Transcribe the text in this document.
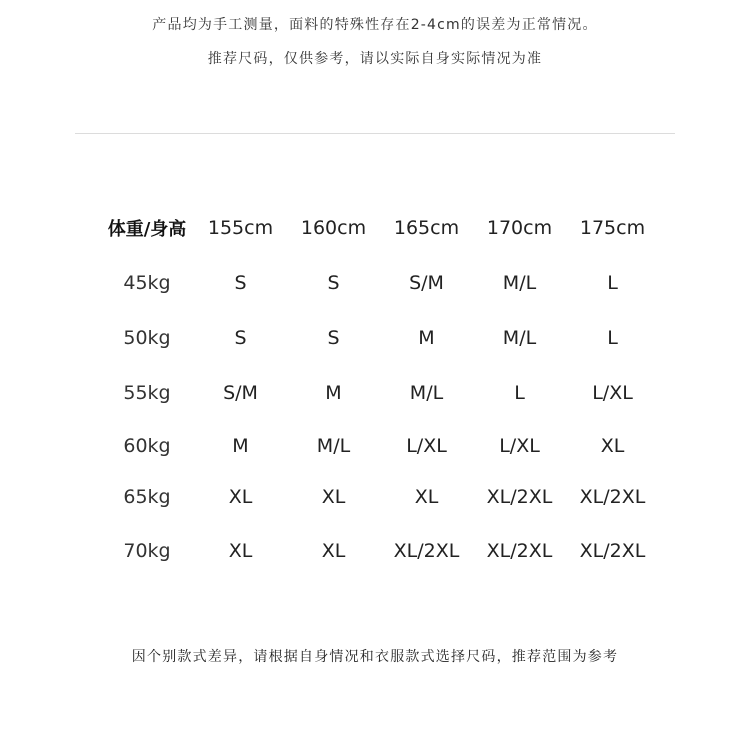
产品均为手工测量，面料的特殊性存在2-4cm的误差为正常情况。
推荐尺码，仅供参考，请以实际自身实际情况为准
体重/身高	155cm	160cm	165cm	170cm	175cm
45kg	S	S	S/M	M/L	L
50kg	S	S	M	M/L	L
55kg	S/M	M	M/L	L	L/XL
60kg	M	M/L	L/XL	L/XL	XL
65kg	XL	XL	XL	XL/2XL	XL/2XL
70kg	XL	XL	XL/2XL	XL/2XL	XL/2XL
因个别款式差异，请根据自身情况和衣服款式选择尺码，推荐范围为参考
